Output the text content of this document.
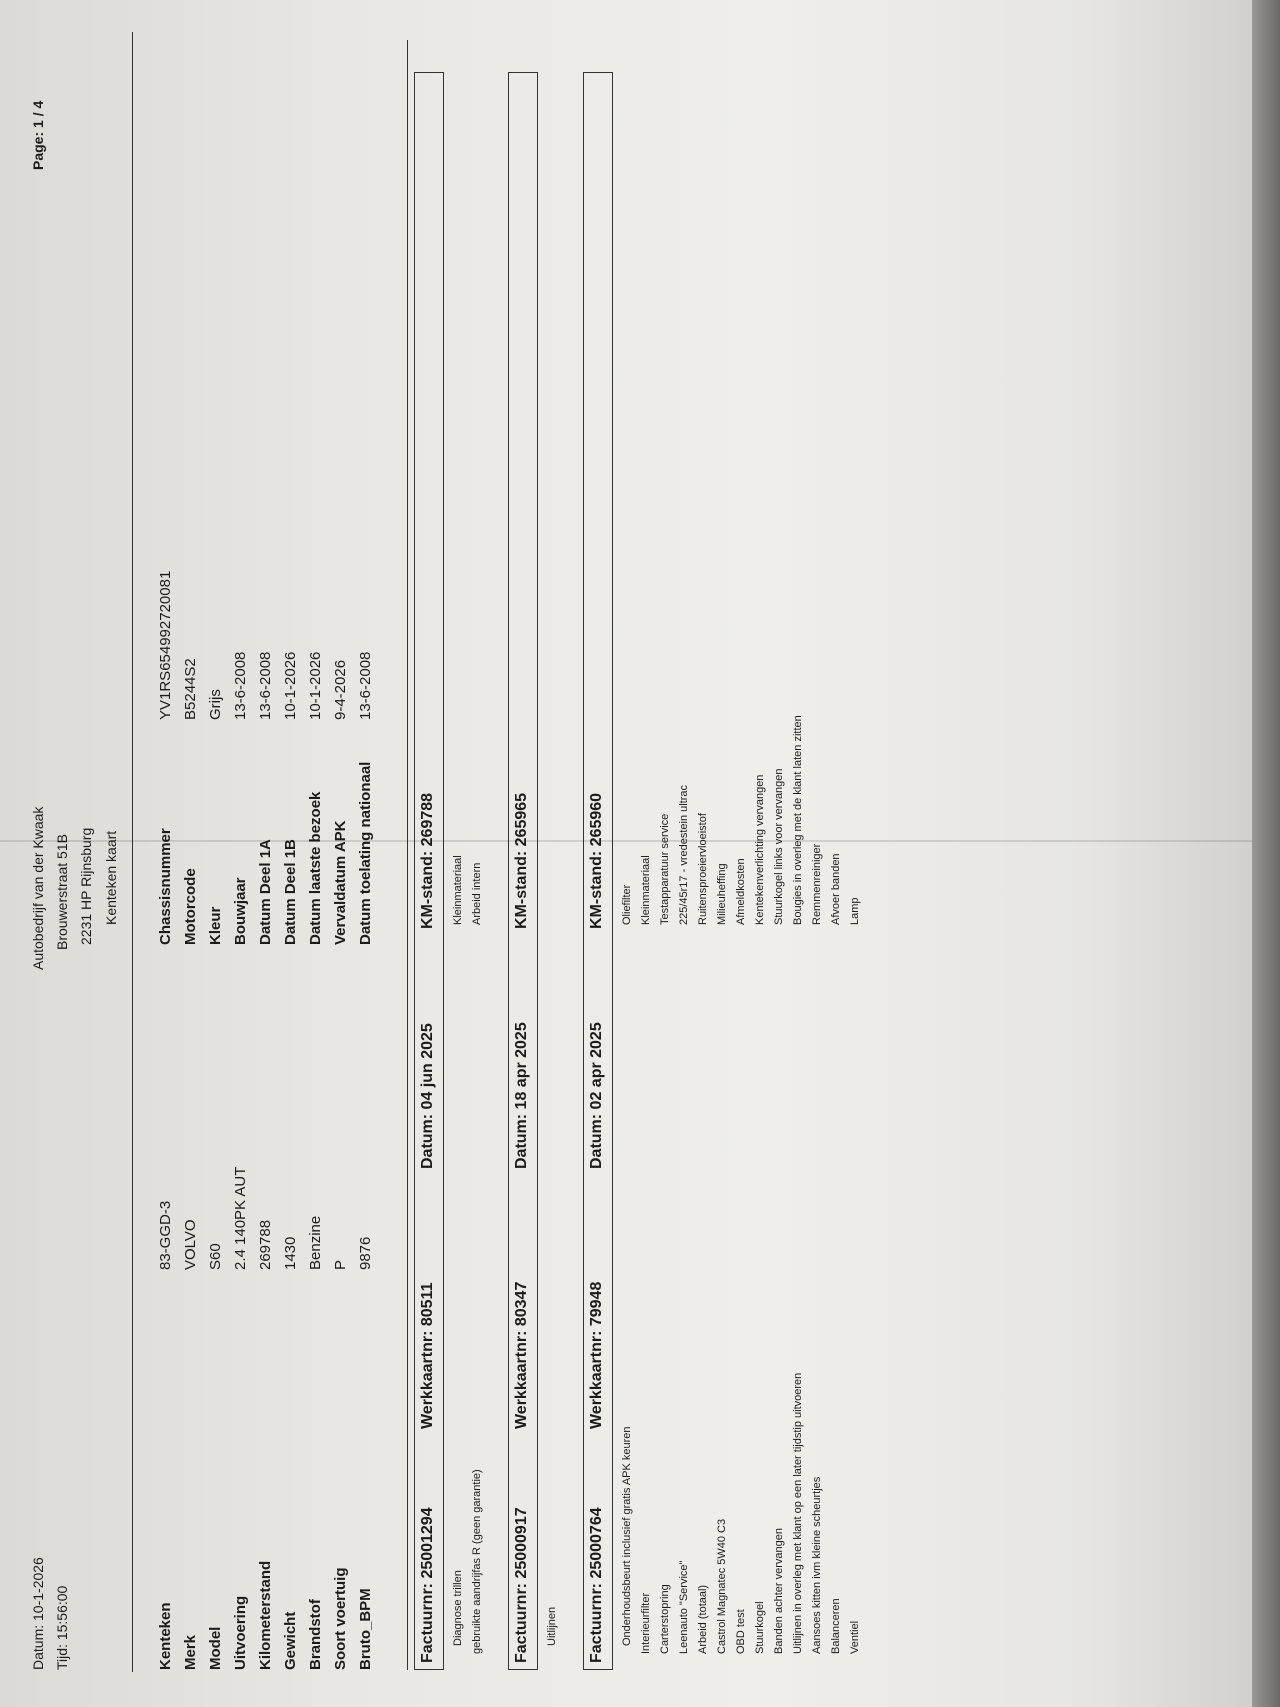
Datum: 10-1-2026 Tijd: 15:56:00
Autobedrijf van der Kwaak Brouwerstraat 51B 2231 HP Rijnsburg Kenteken kaart
Page: 1 / 4
Kenteken
83-GGD-3
Merk
VOLVO
Model
S60
Uitvoering
2.4 140PK AUT
Kilometerstand
269788
Gewicht
1430
Brandstof
Benzine
Soort voertuig
P
Bruto_BPM
9876
Chassisnummer
YV1RS654992720081
Motorcode
B5244S2
Kleur
Grijs
Bouwjaar
13-6-2008
Datum Deel 1A
13-6-2008
Datum Deel 1B
10-1-2026
Datum laatste bezoek
10-1-2026
Vervaldatum APK
9-4-2026
Datum toelating nationaal
13-6-2008
Factuurnr: 25001294
Werkkaartnr: 80511
Datum: 04 jun 2025
KM-stand: 269788
Diagnose trillen gebruikte aandrijfas R (geen garantie)
Kleinmateriaal Arbeid intern
Factuurnr: 25000917
Werkkaartnr: 80347
Datum: 18 apr 2025
KM-stand: 265965
Uitlijnen Factuurnr: 25000764
Werkkaartnr: 79948
Datum: 02 apr 2025
KM-stand: 265960
Onderhoudsbeurt inclusief gratis APK keuren Interieurfilter Carterstopring Leenauto "Service" Arbeid (totaal) Castrol Magnatec 5W40 C3 OBD test Stuurkogel Banden achter vervangen Uitlijnen in overleg met klant op een later tijdstip uitvoeren Aansoes kitten ivm kleine scheurtjes Balanceren Ventiel
Oliefilter Kleinmateriaal Testapparatuur service 225/45r17 - vredestein ultrac Ruitensproeiervloeistof Milieuheffing Afmeldkosten Kentekenverlichting vervangen Stuurkogel links voor vervangen Bougies in overleg met de klant laten zitten Remmenreiniger Afvoer banden Lamp
